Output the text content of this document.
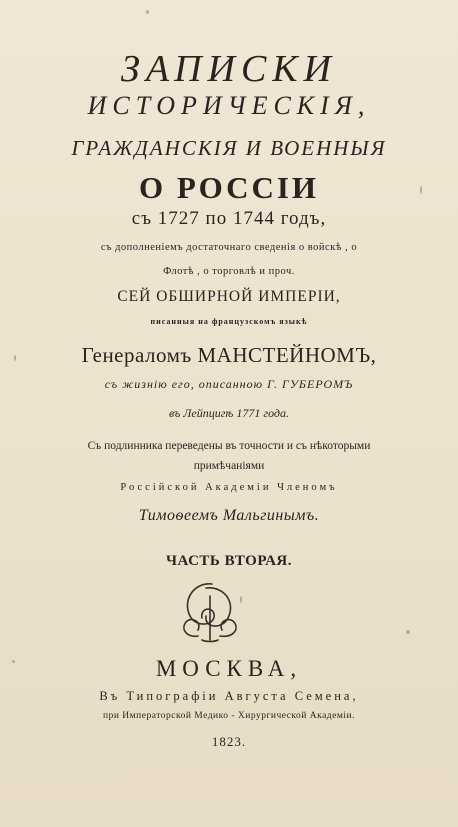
ЗАПИСКИ
ИСТОРИЧЕСКІЯ,
ГРАЖДАНСКІЯ И ВОЕННЫЯ
О РОССІИ
съ 1727 по 1744 годъ,
съ дополненіемъ достаточнаго сведенія о войскѣ , о
Флотѣ , о торговлѣ и проч.
СЕЙ ОБШИРНОЙ ИМПЕРІИ,
писанныя на французскомъ языкѣ
Генераломъ МАНСТЕЙНОМЪ,
съ жизнію его, описанною Г. ГУБЕРОМЪ
въ Лейпцигѣ 1771 года.
Съ подлинника переведены въ точности и съ нѣкоторыми
примѣчаніями
Россійской Академіи Членомъ
Тимоѳеемъ Мальгинымъ.
ЧАСТЬ ВТОРАЯ.
МОСКВА,
Въ Типографіи Августа Семена,
при Императорской Медико - Хирургической Академіи.
1823.
